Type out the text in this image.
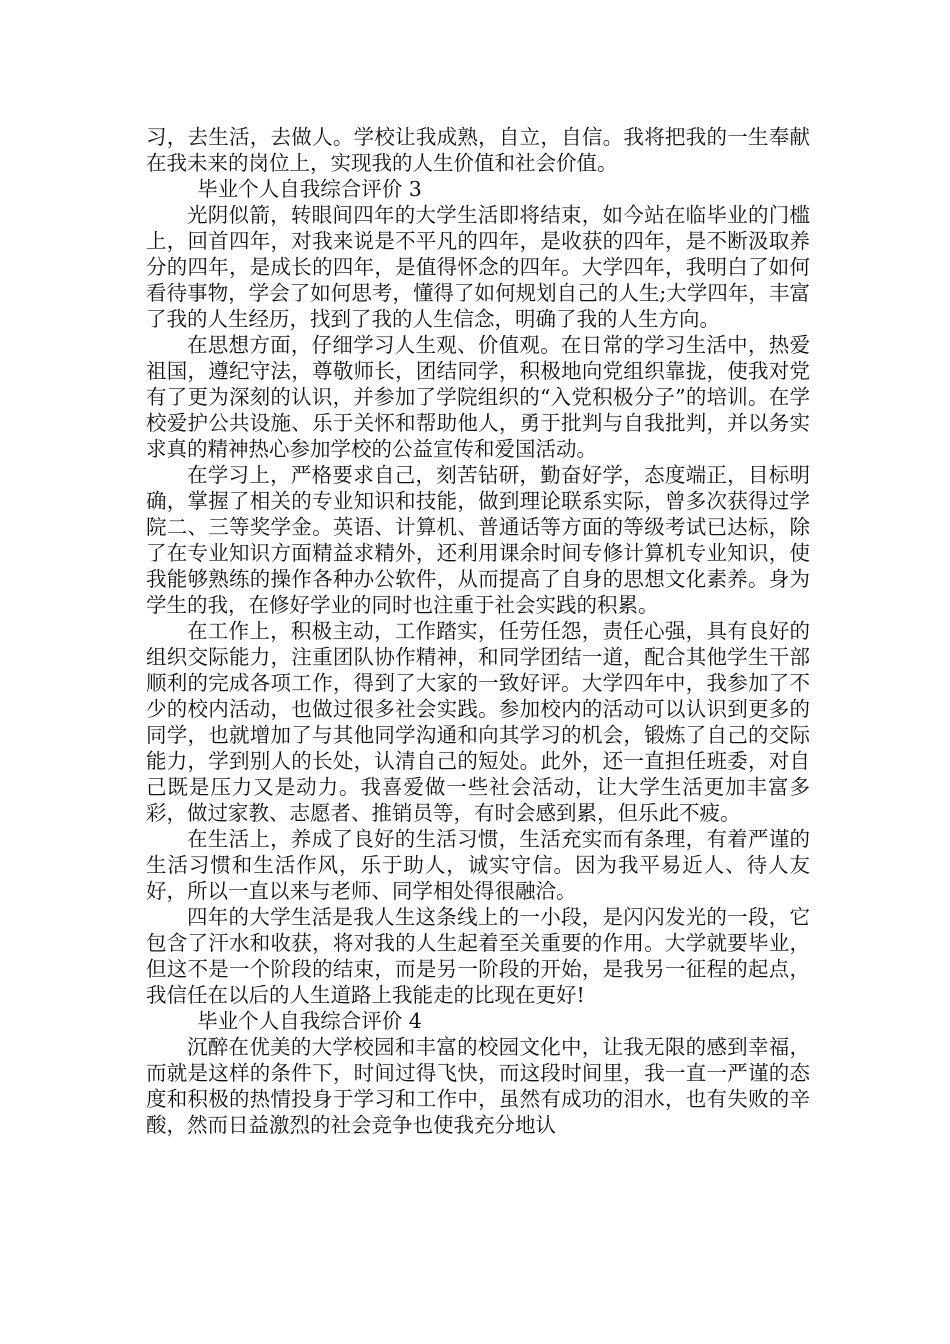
习，去生活，去做人。学校让我成熟，自立，自信。我将把我的一生奉献在我未来的岗位上，实现我的人生价值和社会价值。

毕业个人自我综合评价 3

光阴似箭，转眼间四年的大学生活即将结束，如今站在临毕业的门槛上，回首四年，对我来说是不平凡的四年，是收获的四年，是不断汲取养分的四年，是成长的四年，是值得怀念的四年。大学四年，我明白了如何看待事物，学会了如何思考，懂得了如何规划自己的人生;大学四年，丰富了我的人生经历，找到了我的人生信念，明确了我的人生方向。

在思想方面，仔细学习人生观、价值观。在日常的学习生活中，热爱祖国，遵纪守法，尊敬师长，团结同学，积极地向党组织靠拢，使我对党有了更为深刻的认识，并参加了学院组织的“入党积极分子”的培训。在学校爱护公共设施、乐于关怀和帮助他人，勇于批判与自我批判，并以务实求真的精神热心参加学校的公益宣传和爱国活动。

在学习上，严格要求自己，刻苦钻研，勤奋好学，态度端正，目标明确，掌握了相关的专业知识和技能，做到理论联系实际，曾多次获得过学院二、三等奖学金。英语、计算机、普通话等方面的等级考试已达标，除了在专业知识方面精益求精外，还利用课余时间专修计算机专业知识，使我能够熟练的操作各种办公软件，从而提高了自身的思想文化素养。身为学生的我，在修好学业的同时也注重于社会实践的积累。

在工作上，积极主动，工作踏实，任劳任怨，责任心强，具有良好的组织交际能力，注重团队协作精神，和同学团结一道，配合其他学生干部顺利的完成各项工作，得到了大家的一致好评。大学四年中，我参加了不少的校内活动，也做过很多社会实践。参加校内的活动可以认识到更多的同学，也就增加了与其他同学沟通和向其学习的机会，锻炼了自己的交际能力，学到别人的长处，认清自己的短处。此外，还一直担任班委，对自己既是压力又是动力。我喜爱做一些社会活动，让大学生活更加丰富多彩，做过家教、志愿者、推销员等，有时会感到累，但乐此不疲。

在生活上，养成了良好的生活习惯，生活充实而有条理，有着严谨的生活习惯和生活作风，乐于助人，诚实守信。因为我平易近人、待人友好，所以一直以来与老师、同学相处得很融洽。

四年的大学生活是我人生这条线上的一小段，是闪闪发光的一段，它包含了汗水和收获，将对我的人生起着至关重要的作用。大学就要毕业，但这不是一个阶段的结束，而是另一阶段的开始，是我另一征程的起点，我信任在以后的人生道路上我能走的比现在更好!

毕业个人自我综合评价 4

沉醉在优美的大学校园和丰富的校园文化中，让我无限的感到幸福，而就是这样的条件下，时间过得飞快，而这段时间里，我一直一严谨的态度和积极的热情投身于学习和工作中，虽然有成功的泪水，也有失败的辛酸，然而日益激烈的社会竞争也使我充分地认
